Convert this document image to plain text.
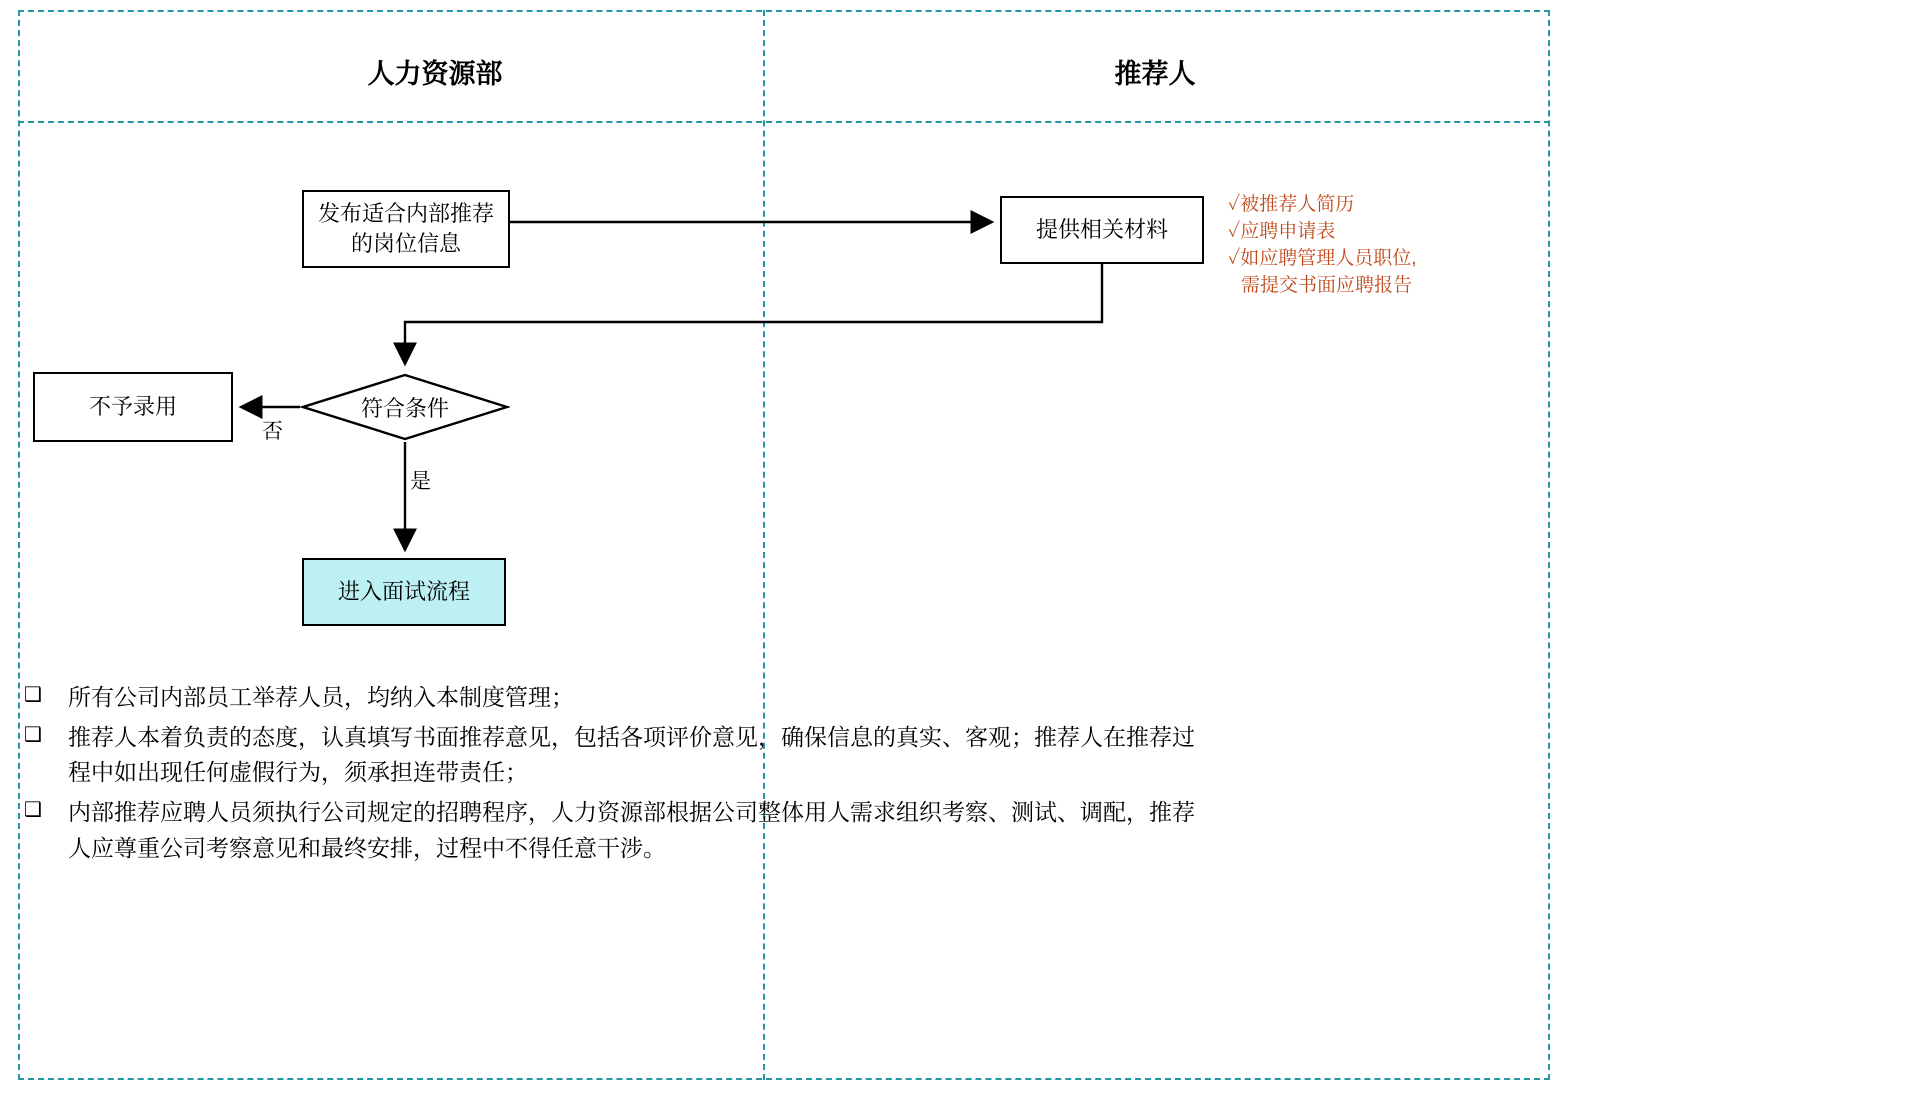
人力资源部	推荐人
发布适合内部推荐的岗位信息
提供相关材料
符合条件
不予录用
进入面试流程
否
是
✓被推荐人简历
✓应聘申请表
✓如应聘管理人员职位,
需提交书面应聘报告
❑	所有公司内部员工举荐人员，均纳入本制度管理；
❑	推荐人本着负责的态度，认真填写书面推荐意见，包括各项评价意见，确保信息的真实、客观；推荐人在推荐过程中如出现任何虚假行为，须承担连带责任；
❑	内部推荐应聘人员须执行公司规定的招聘程序，人力资源部根据公司整体用人需求组织考察、测试、调配，推荐人应尊重公司考察意见和最终安排，过程中不得任意干涉。
